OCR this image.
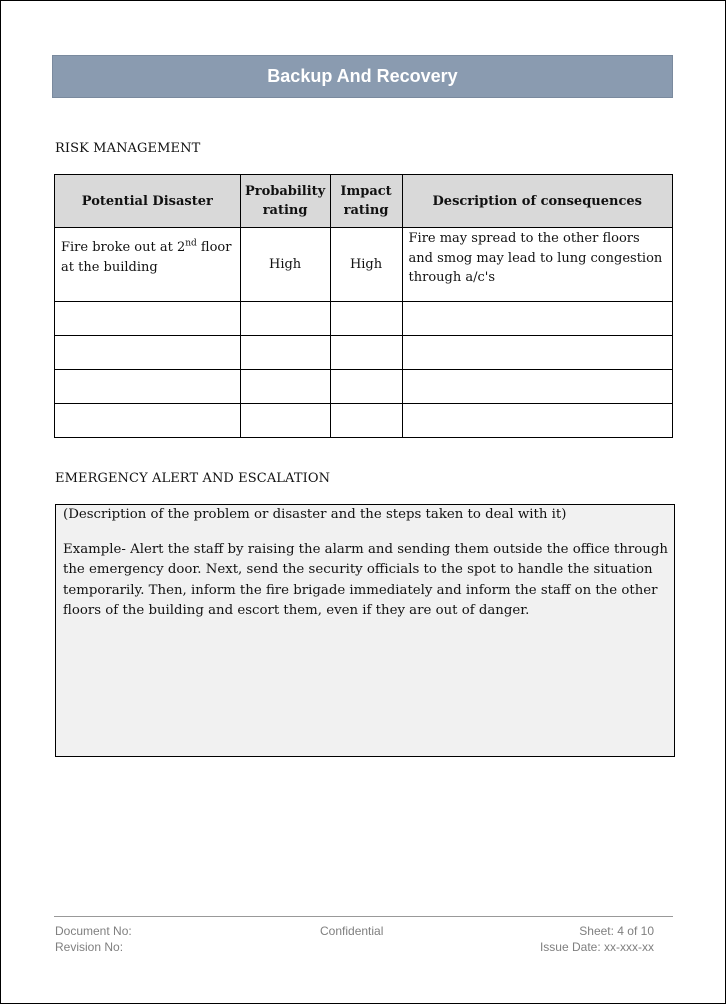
Backup And Recovery
RISK MANAGEMENT
Potential Disaster	Probability rating	Impact rating	Description of consequences
Fire broke out at 2nd floor at the building	High	High	Fire may spread to the other floors and smog may lead to lung congestion through a/c's

EMERGENCY ALERT AND ESCALATION

(Description of the problem or disaster and the steps taken to deal with it)

Example- Alert the staff by raising the alarm and sending them outside the office through the emergency door. Next, send the security officials to the spot to handle the situation temporarily. Then, inform the fire brigade immediately and inform the staff on the other floors of the building and escort them, even if they are out of danger.

Document No:
Revision No:
Confidential	Sheet: 4 of 10
Issue Date: xx-xxx-xx
